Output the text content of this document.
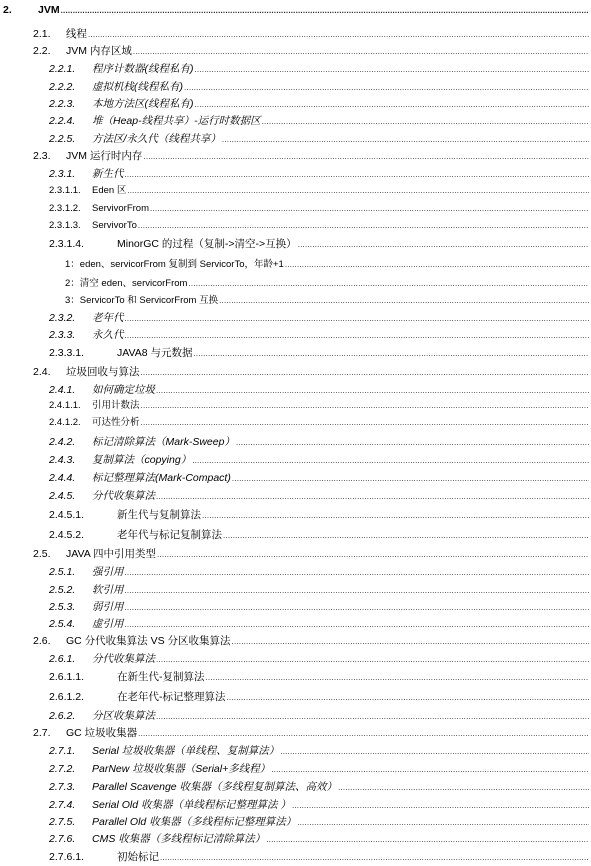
2. JVM
.....
2.1. 线程
.....
2.2. JVM 内存区域
.....
2.2.1. 程序计数器(线程私有)
.....
2.2.2. 虚拟机栈(线程私有)
.....
2.2.3. 本地方法区(线程私有)
.....
2.2.4. 堆（Heap-线程共享）-运行时数据区
.....
2.2.5. 方法区/永久代（线程共享）
.....
2.3. JVM 运行时内存
.....
2.3.1. 新生代
.....
2.3.1.1. Eden 区
.....
2.3.1.2. ServivorFrom
.....
2.3.1.3. ServivorTo
.....
2.3.1.4.	MinorGC 的过程（复制->清空->互换）
.....
1：eden、servicorFrom 复制到 ServicorTo，年龄+1
.....
2：清空 eden、servicorFrom
.....
3：ServicorTo 和 ServicorFrom 互换
.....
2.3.2. 老年代
.....
2.3.3. 永久代
.....
2.3.3.1.	JAVA8 与元数据
.....
2.4. 垃圾回收与算法
.....
2.4.1. 如何确定垃圾
.....
2.4.1.1. 引用计数法
.....
2.4.1.2. 可达性分析
.....
2.4.2. 标记清除算法（Mark-Sweep）
.....
2.4.3. 复制算法（copying）
.....
2.4.4. 标记整理算法(Mark-Compact)
.....
2.4.5. 分代收集算法
.....
2.4.5.1.	新生代与复制算法
.....
2.4.5.2.	老年代与标记复制算法
.....
2.5. JAVA 四中引用类型
.....
2.5.1. 强引用
.....
2.5.2. 软引用
.....
2.5.3. 弱引用
.....
2.5.4. 虚引用
.....
2.6. GC 分代收集算法 VS 分区收集算法
.....
2.6.1. 分代收集算法
.....
2.6.1.1.	在新生代-复制算法
.....
2.6.1.2.	在老年代-标记整理算法
.....
2.6.2. 分区收集算法
.....
2.7. GC 垃圾收集器
.....
2.7.1. Serial 垃圾收集器（单线程、复制算法）
.....
2.7.2. ParNew 垃圾收集器（Serial+多线程）
.....
2.7.3. Parallel Scavenge 收集器（多线程复制算法、高效）
.....
2.7.4. Serial Old 收集器（单线程标记整理算法 ）
.....
2.7.5. Parallel Old 收集器（多线程标记整理算法）
.....
2.7.6. CMS 收集器（多线程标记清除算法）
.....
2.7.6.1.	初始标记
.....
